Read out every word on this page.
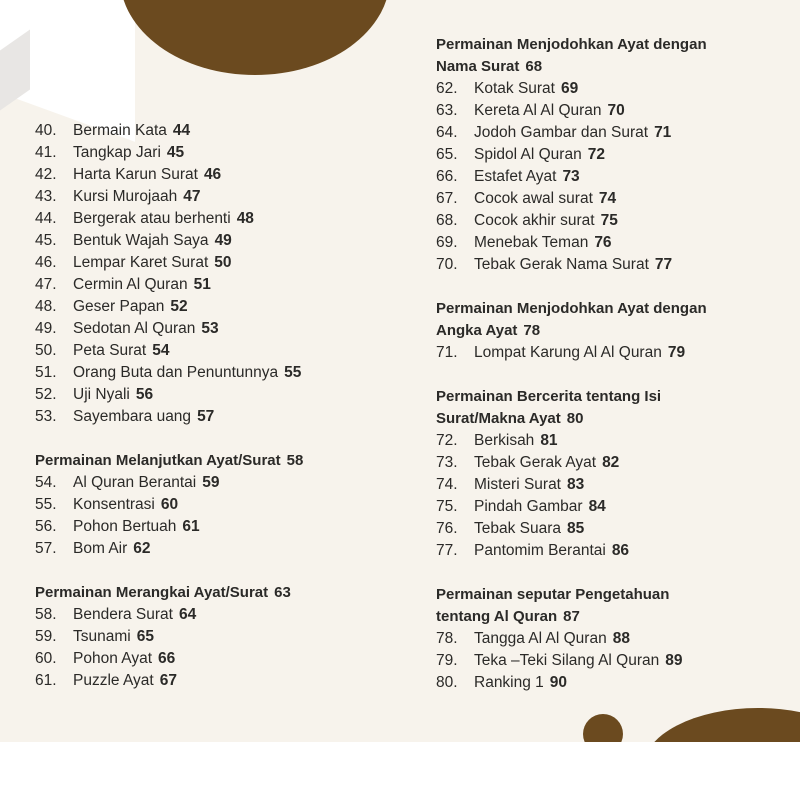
40. Bermain Kata 44
41. Tangkap Jari 45
42. Harta Karun Surat 46
43. Kursi Murojaah 47
44. Bergerak atau berhenti 48
45. Bentuk Wajah Saya 49
46. Lempar Karet Surat 50
47. Cermin Al Quran 51
48. Geser Papan 52
49. Sedotan Al Quran 53
50. Peta Surat 54
51. Orang Buta dan Penuntunnya 55
52. Uji Nyali 56
53. Sayembara uang 57
Permainan Melanjutkan Ayat/Surat 58
54. Al Quran Berantai 59
55. Konsentrasi 60
56. Pohon Bertuah 61
57. Bom Air 62
Permainan Merangkai Ayat/Surat 63
58. Bendera Surat 64
59. Tsunami 65
60. Pohon Ayat 66
61. Puzzle Ayat 67
Permainan Menjodohkan Ayat dengan
Nama Surat 68
62. Kotak Surat 69
63. Kereta Al Al Quran 70
64. Jodoh Gambar dan Surat 71
65. Spidol Al Quran 72
66. Estafet Ayat 73
67. Cocok awal surat 74
68. Cocok akhir surat 75
69. Menebak Teman 76
70. Tebak Gerak Nama Surat 77
Permainan Menjodohkan Ayat dengan
Angka Ayat 78
71. Lompat Karung Al Al Quran 79
Permainan Bercerita tentang Isi
Surat/Makna Ayat 80
72. Berkisah 81
73. Tebak Gerak Ayat 82
74. Misteri Surat 83
75. Pindah Gambar 84
76. Tebak Suara 85
77. Pantomim Berantai 86
Permainan seputar Pengetahuan
tentang Al Quran 87
78. Tangga Al Al Quran 88
79. Teka –Teki Silang Al Quran 89
80. Ranking 1 90
